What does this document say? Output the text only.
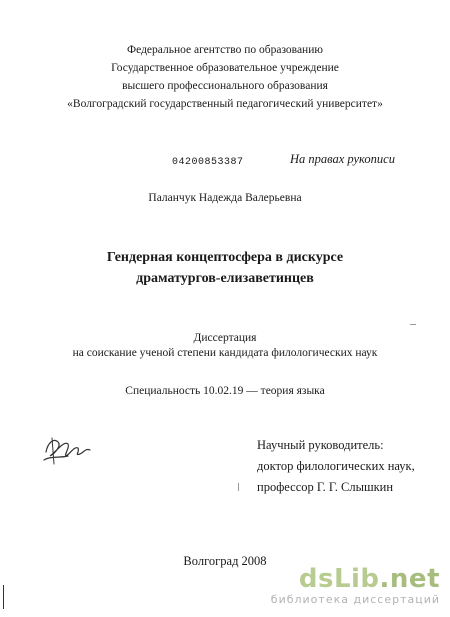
Федеральное агентство по образованию
Государственное образовательное учреждение
высшего профессионального образования
«Волгоградский государственный педагогический университет»
04200853387	На правах рукописи
Паланчук Надежда Валерьевна
Гендерная концептосфера в дискурсе
драматургов-елизаветинцев
Диссертация
на соискание ученой степени кандидата филологических наук
Специальность 10.02.19 — теория языка
Научный руководитель:
доктор филологических наук,
профессор Г. Г. Слышкин
Волгоград 2008
dsLib.net
библиотека диссертаций
